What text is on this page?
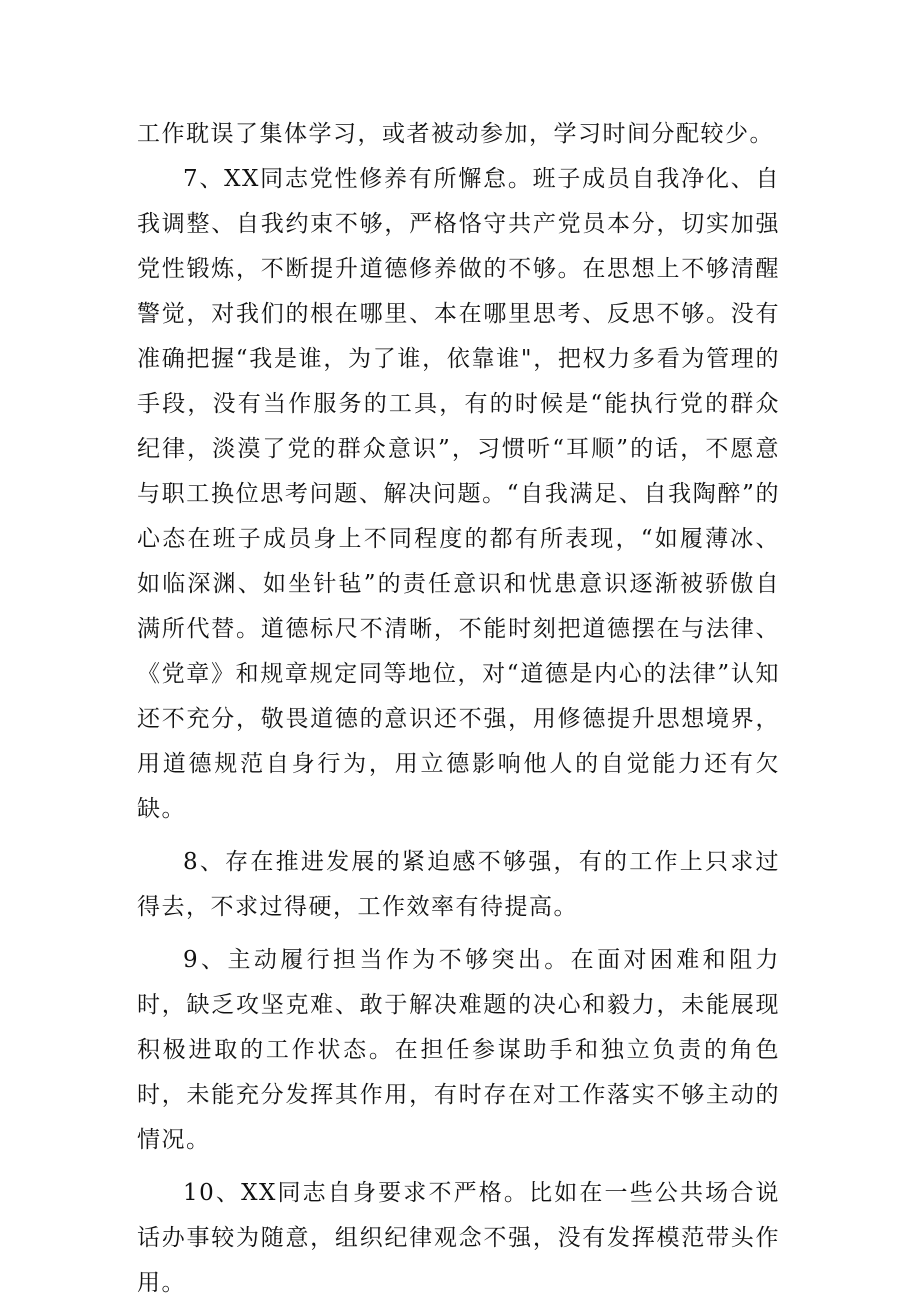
工作耽误了集体学习，或者被动参加，学习时间分配较少。

7、XX同志党性修养有所懈怠。班子成员自我净化、自我调整、自我约束不够，严格恪守共产党员本分，切实加强党性锻炼，不断提升道德修养做的不够。在思想上不够清醒警觉，对我们的根在哪里、本在哪里思考、反思不够。没有准确把握“我是谁，为了谁，依靠谁"，把权力多看为管理的手段，没有当作服务的工具，有的时候是“能执行党的群众纪律，淡漠了党的群众意识”，习惯听“耳顺”的话，不愿意与职工换位思考问题、解决问题。“自我满足、自我陶醉”的心态在班子成员身上不同程度的都有所表现，“如履薄冰、如临深渊、如坐针毡”的责任意识和忧患意识逐渐被骄傲自满所代替。道德标尺不清晰，不能时刻把道德摆在与法律、《党章》和规章规定同等地位，对“道德是内心的法律”认知还不充分，敬畏道德的意识还不强，用修德提升思想境界，用道德规范自身行为，用立德影响他人的自觉能力还有欠缺。

8、存在推进发展的紧迫感不够强，有的工作上只求过得去，不求过得硬，工作效率有待提高。

9、主动履行担当作为不够突出。在面对困难和阻力时，缺乏攻坚克难、敢于解决难题的决心和毅力，未能展现积极进取的工作状态。在担任参谋助手和独立负责的角色时，未能充分发挥其作用，有时存在对工作落实不够主动的情况。

10、XX同志自身要求不严格。比如在一些公共场合说话办事较为随意，组织纪律观念不强，没有发挥模范带头作用。
